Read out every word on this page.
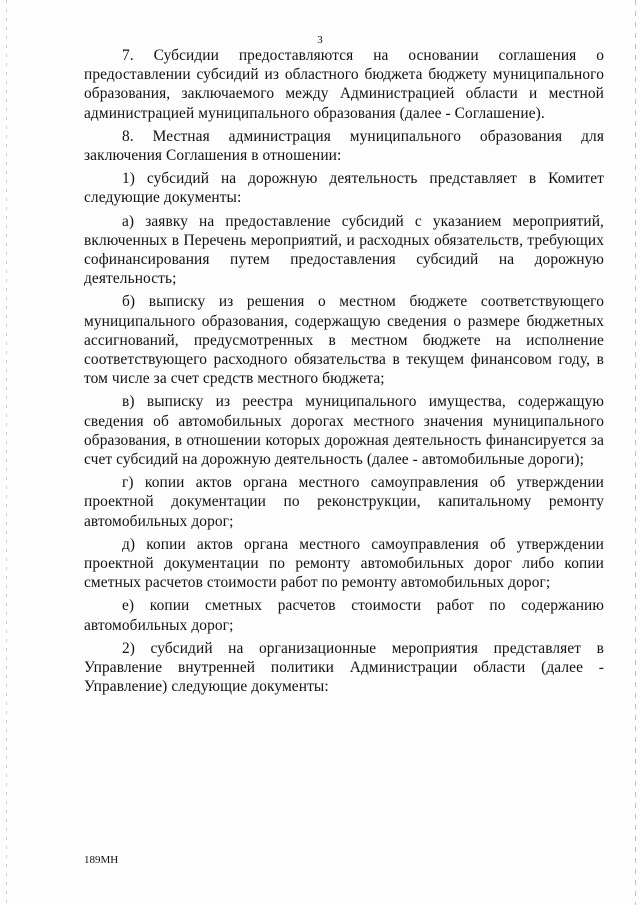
3

7. Субсидии предоставляются на основании соглашения о предоставлении субсидий из областного бюджета бюджету муниципального образования, заключаемого между Администрацией области и местной администрацией муниципального образования (далее - Соглашение).

8. Местная администрация муниципального образования для заключения Соглашения в отношении:

1) субсидий на дорожную деятельность представляет в Комитет следующие документы:

а) заявку на предоставление субсидий с указанием мероприятий, включенных в Перечень мероприятий, и расходных обязательств, требующих софинансирования путем предоставления субсидий на дорожную деятельность;

б) выписку из решения о местном бюджете соответствующего муниципального образования, содержащую сведения о размере бюджетных ассигнований, предусмотренных в местном бюджете на исполнение соответствующего расходного обязательства в текущем финансовом году, в том числе за счет средств местного бюджета;

в) выписку из реестра муниципального имущества, содержащую сведения об автомобильных дорогах местного значения муниципального образования, в отношении которых дорожная деятельность финансируется за счет субсидий на дорожную деятельность (далее - автомобильные дороги);

г) копии актов органа местного самоуправления об утверждении проектной документации по реконструкции, капитальному ремонту автомобильных дорог;

д) копии актов органа местного самоуправления об утверждении проектной документации по ремонту автомобильных дорог либо копии сметных расчетов стоимости работ по ремонту автомобильных дорог;

е) копии сметных расчетов стоимости работ по содержанию автомобильных дорог;

2) субсидий на организационные мероприятия представляет в Управление внутренней политики Администрации области (далее - Управление) следующие документы:

189МН
